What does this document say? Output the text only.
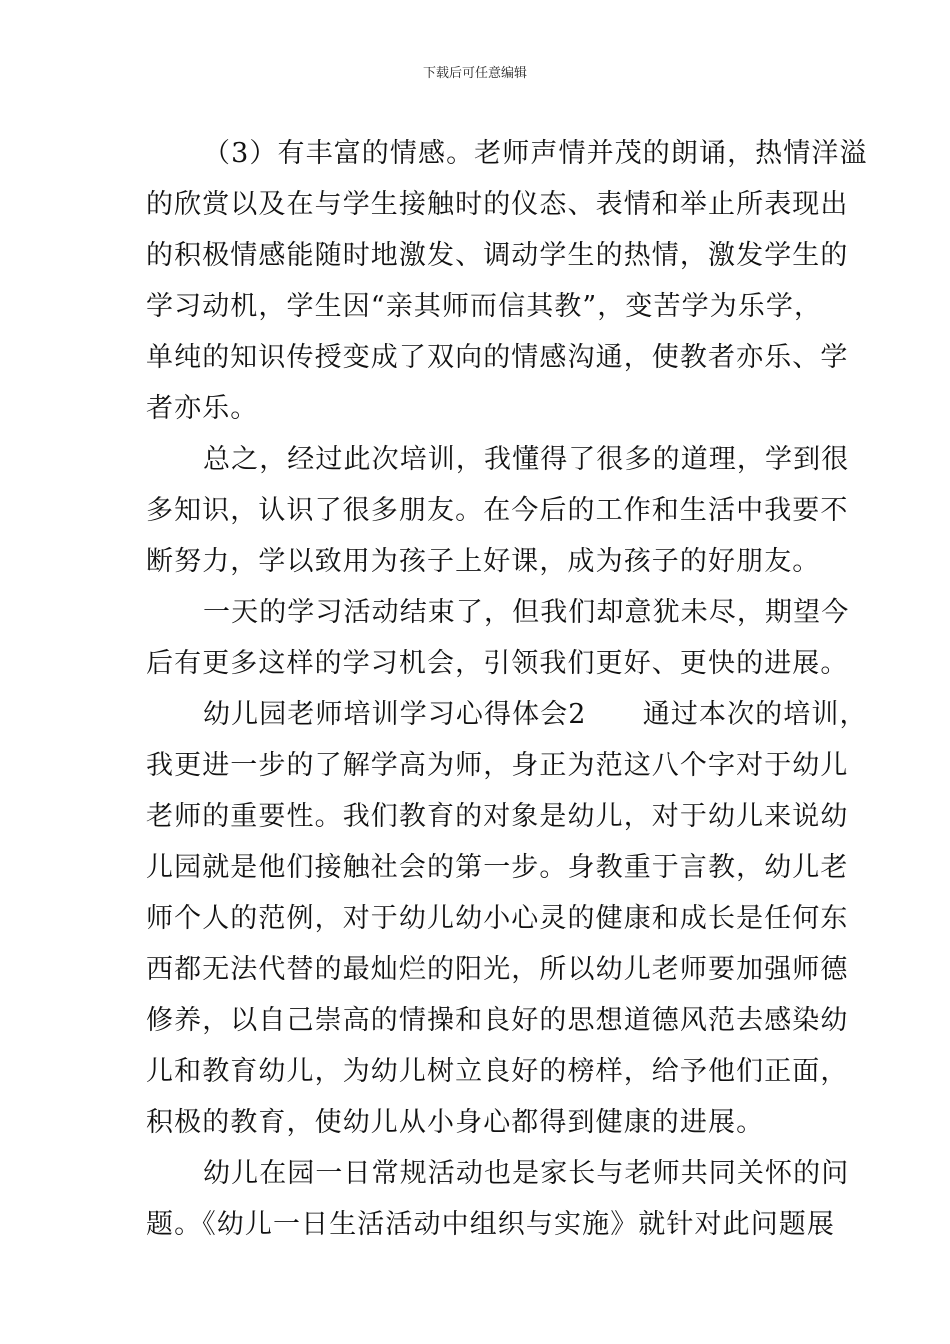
下载后可任意编辑
（3）有丰富的情感。老师声情并茂的朗诵，热情洋溢
的欣赏以及在与学生接触时的仪态、表情和举止所表现出
的积极情感能随时地激发、调动学生的热情，激发学生的
学习动机，学生因“亲其师而信其教”，变苦学为乐学，
单纯的知识传授变成了双向的情感沟通，使教者亦乐、学
者亦乐。
总之，经过此次培训，我懂得了很多的道理，学到很
多知识，认识了很多朋友。在今后的工作和生活中我要不
断努力，学以致用为孩子上好课，成为孩子的好朋友。
一天的学习活动结束了，但我们却意犹未尽，期望今
后有更多这样的学习机会，引领我们更好、更快的进展。
幼儿园老师培训学习心得体会2　　通过本次的培训，
我更进一步的了解学高为师，身正为范这八个字对于幼儿
老师的重要性。我们教育的对象是幼儿，对于幼儿来说幼
儿园就是他们接触社会的第一步。身教重于言教，幼儿老
师个人的范例，对于幼儿幼小心灵的健康和成长是任何东
西都无法代替的最灿烂的阳光，所以幼儿老师要加强师德
修养，以自己崇高的情操和良好的思想道德风范去感染幼
儿和教育幼儿，为幼儿树立良好的榜样，给予他们正面，
积极的教育，使幼儿从小身心都得到健康的进展。
幼儿在园一日常规活动也是家长与老师共同关怀的问
题。《幼儿一日生活活动中组织与实施》就针对此问题展
